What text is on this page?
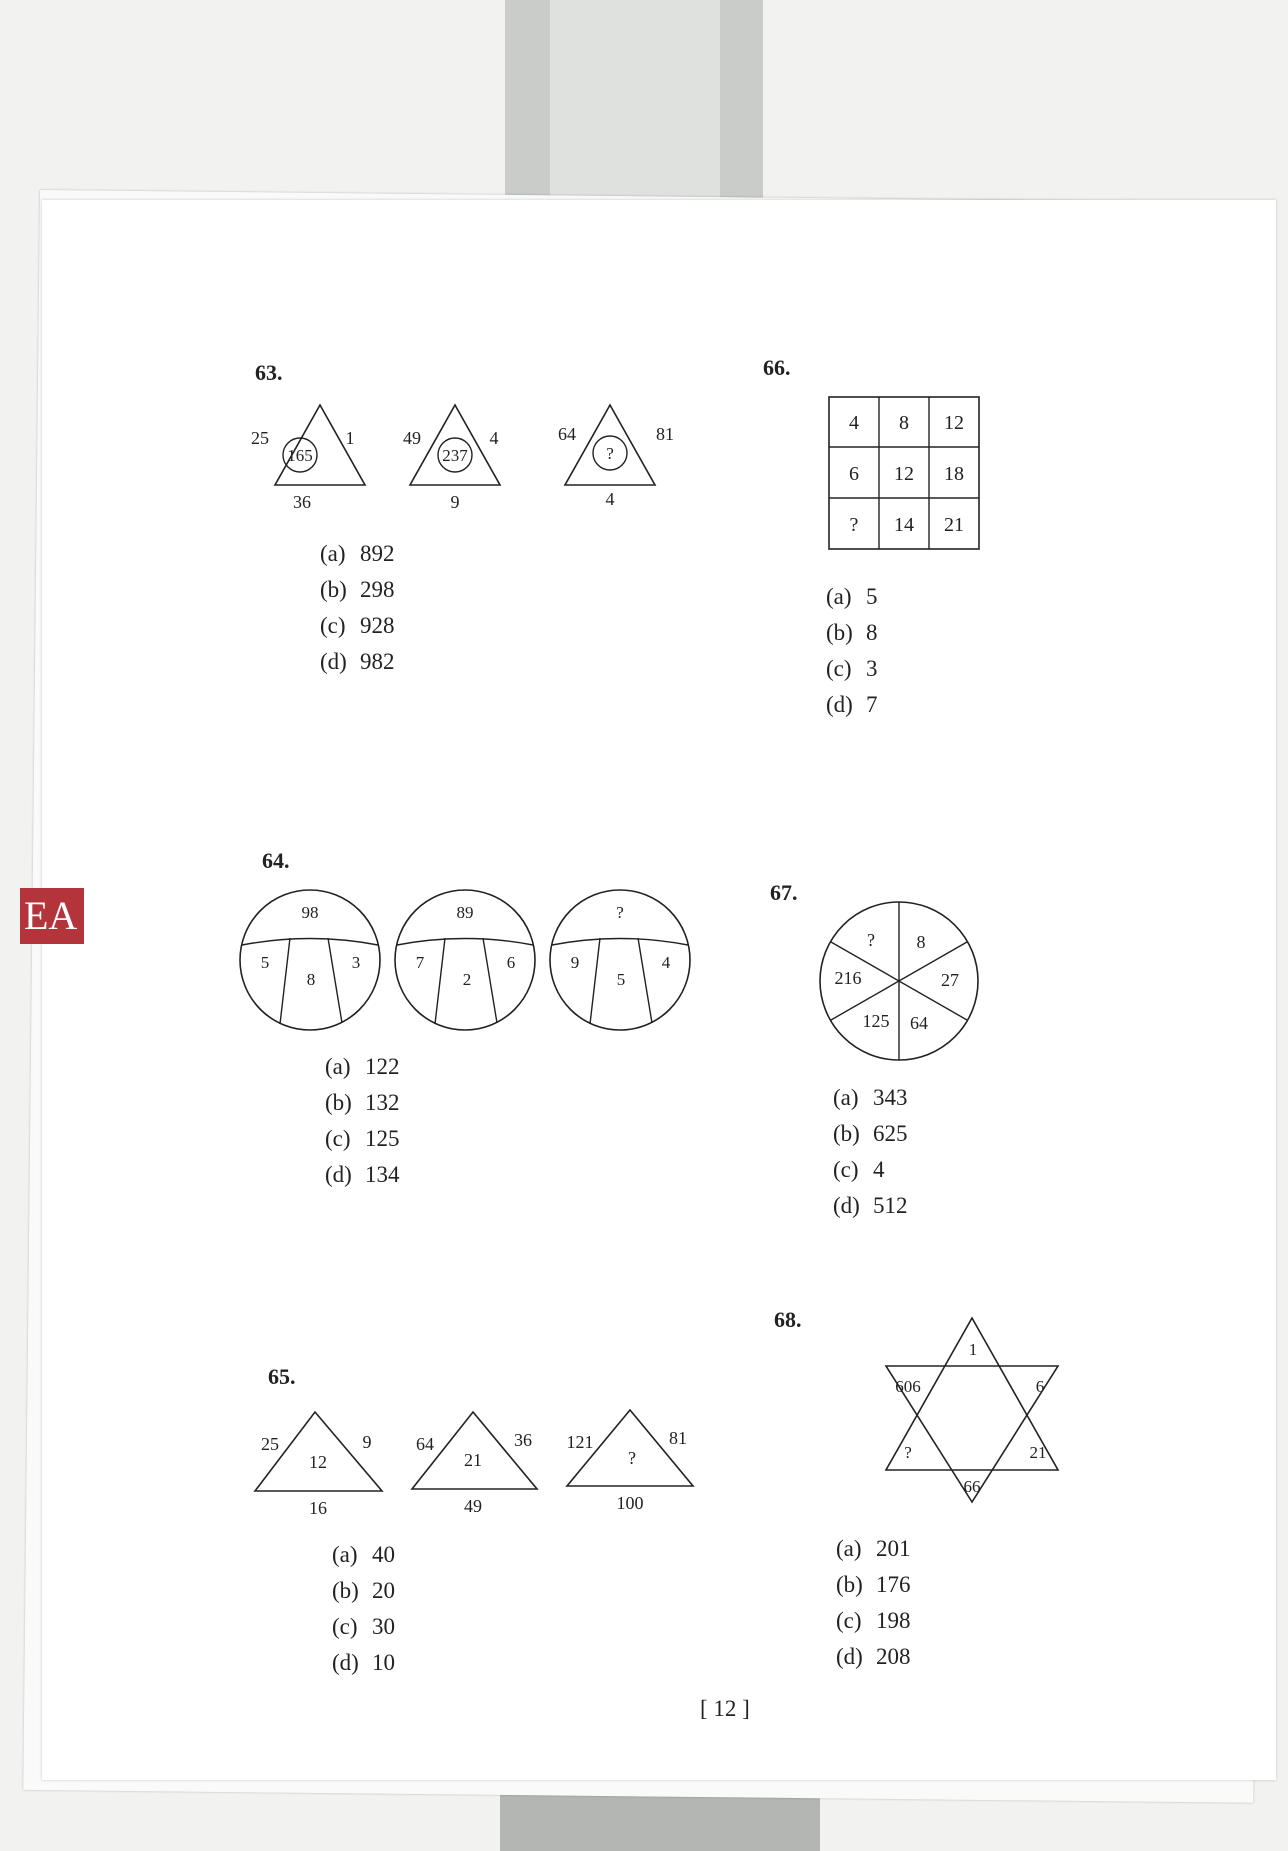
EA
63.
25	1
165
36
49	4
237
9
64	81
?
4
(a) 892
(b) 298
(c) 928
(d) 982
64.
98
5
8
3
89
7
2
6
?
9
5
4
(a) 122
(b) 132
(c) 125
(d) 134
65.
25	9
12
16
64	36
21
49
121	81
?
100
(a) 40
(b) 20
(c) 30
(d) 10
66.
4 8 12
6 12 18
? 14 21
(a) 5
(b) 8
(c) 3
(d) 7
67.
? 8
27
64
125
216
(a) 343
(b) 625
(c) 4
(d) 512
68.
1
606	6
?	21
66
(a) 201
(b) 176
(c) 198
(d) 208
[ 12 ]
